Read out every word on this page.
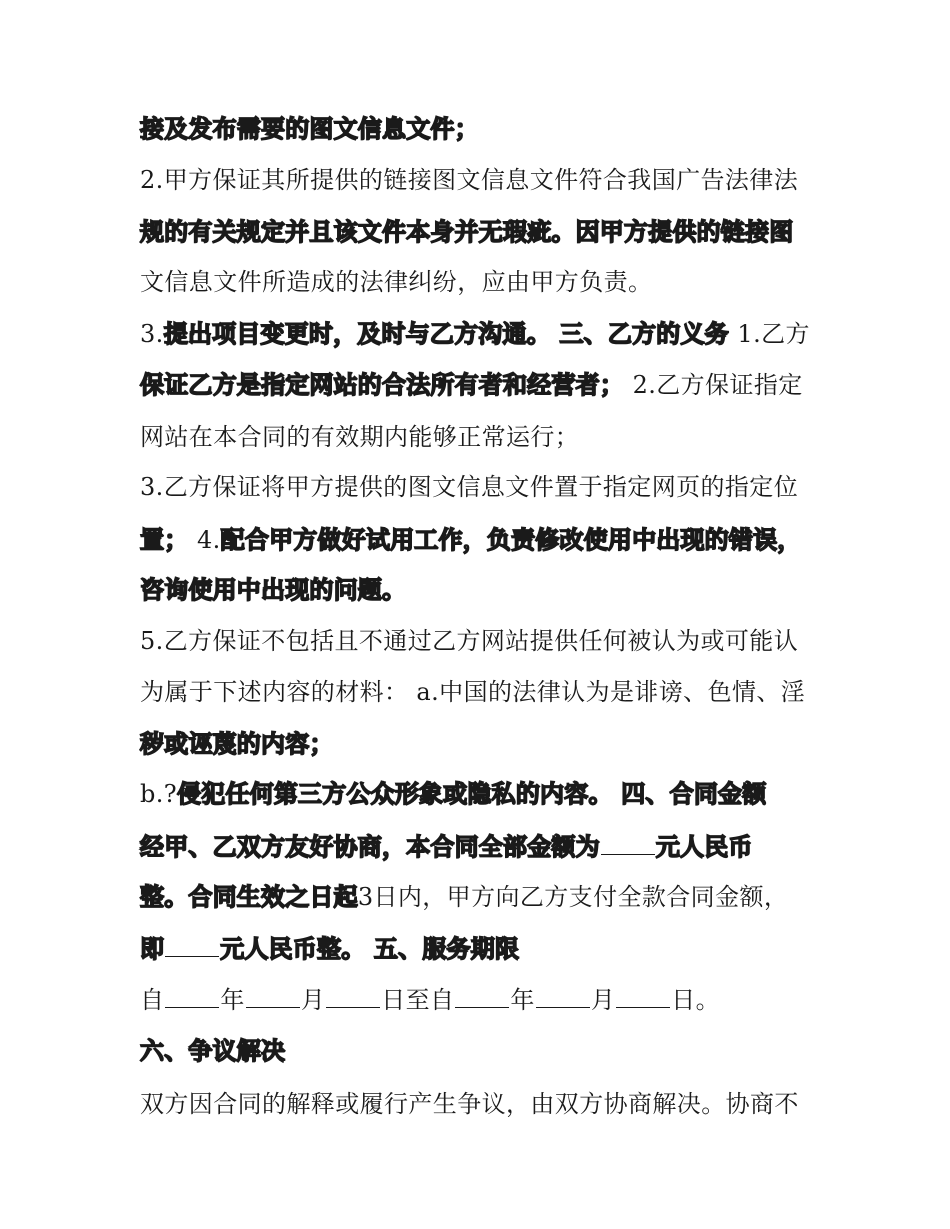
接及发布需要的图文信息文件；
2.甲方保证其所提供的链接图文信息文件符合我国广告法律法
规的有关规定并且该文件本身并无瑕疵。因甲方提供的链接图
文信息文件所造成的法律纠纷，应由甲方负责。
3.提出项目变更时，及时与乙方沟通。 三、乙方的义务 1.乙方
保证乙方是指定网站的合法所有者和经营者； 2.乙方保证指定
网站在本合同的有效期内能够正常运行；
3.乙方保证将甲方提供的图文信息文件置于指定网页的指定位
置； 4.配合甲方做好试用工作，负责修改使用中出现的错误，
咨询使用中出现的问题。
5.乙方保证不包括且不通过乙方网站提供任何被认为或可能认
为属于下述内容的材料： a.中国的法律认为是诽谤、色情、淫
秽或诬蔑的内容；
b.?侵犯任何第三方公众形象或隐私的内容。 四、合同金额
经甲、乙双方友好协商，本合同全部金额为 元人民币
整。合同生效之日起3日内，甲方向乙方支付全款合同金额，
即 元人民币整。 五、服务期限
自 年 月 日至自 年 月 日。
六、争议解决
双方因合同的解释或履行产生争议，由双方协商解决。协商不
